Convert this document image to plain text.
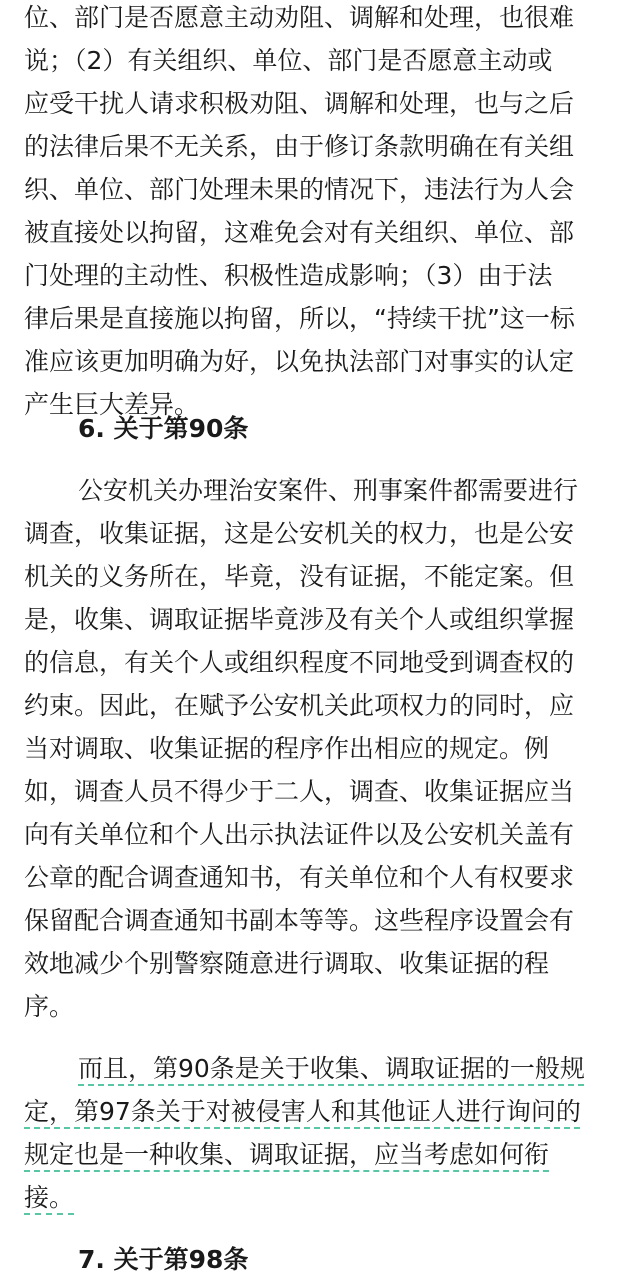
位、部门是否愿意主动劝阻、调解和处理，也很难
说；（2）有关组织、单位、部门是否愿意主动或
应受干扰人请求积极劝阻、调解和处理，也与之后
的法律后果不无关系，由于修订条款明确在有关组
织、单位、部门处理未果的情况下，违法行为人会
被直接处以拘留，这难免会对有关组织、单位、部
门处理的主动性、积极性造成影响；（3）由于法
律后果是直接施以拘留，所以，“持续干扰”这一标
准应该更加明确为好，以免执法部门对事实的认定
产生巨大差异。
6. 关于第90条
公安机关办理治安案件、刑事案件都需要进行
调查，收集证据，这是公安机关的权力，也是公安
机关的义务所在，毕竟，没有证据，不能定案。但
是，收集、调取证据毕竟涉及有关个人或组织掌握
的信息，有关个人或组织程度不同地受到调查权的
约束。因此，在赋予公安机关此项权力的同时，应
当对调取、收集证据的程序作出相应的规定。例
如，调查人员不得少于二人，调查、收集证据应当
向有关单位和个人出示执法证件以及公安机关盖有
公章的配合调查通知书，有关单位和个人有权要求
保留配合调查通知书副本等等。这些程序设置会有
效地减少个别警察随意进行调取、收集证据的程
序。
而且，第90条是关于收集、调取证据的一般规
定，第97条关于对被侵害人和其他证人进行询问的
规定也是一种收集、调取证据，应当考虑如何衔
接。
7. 关于第98条
